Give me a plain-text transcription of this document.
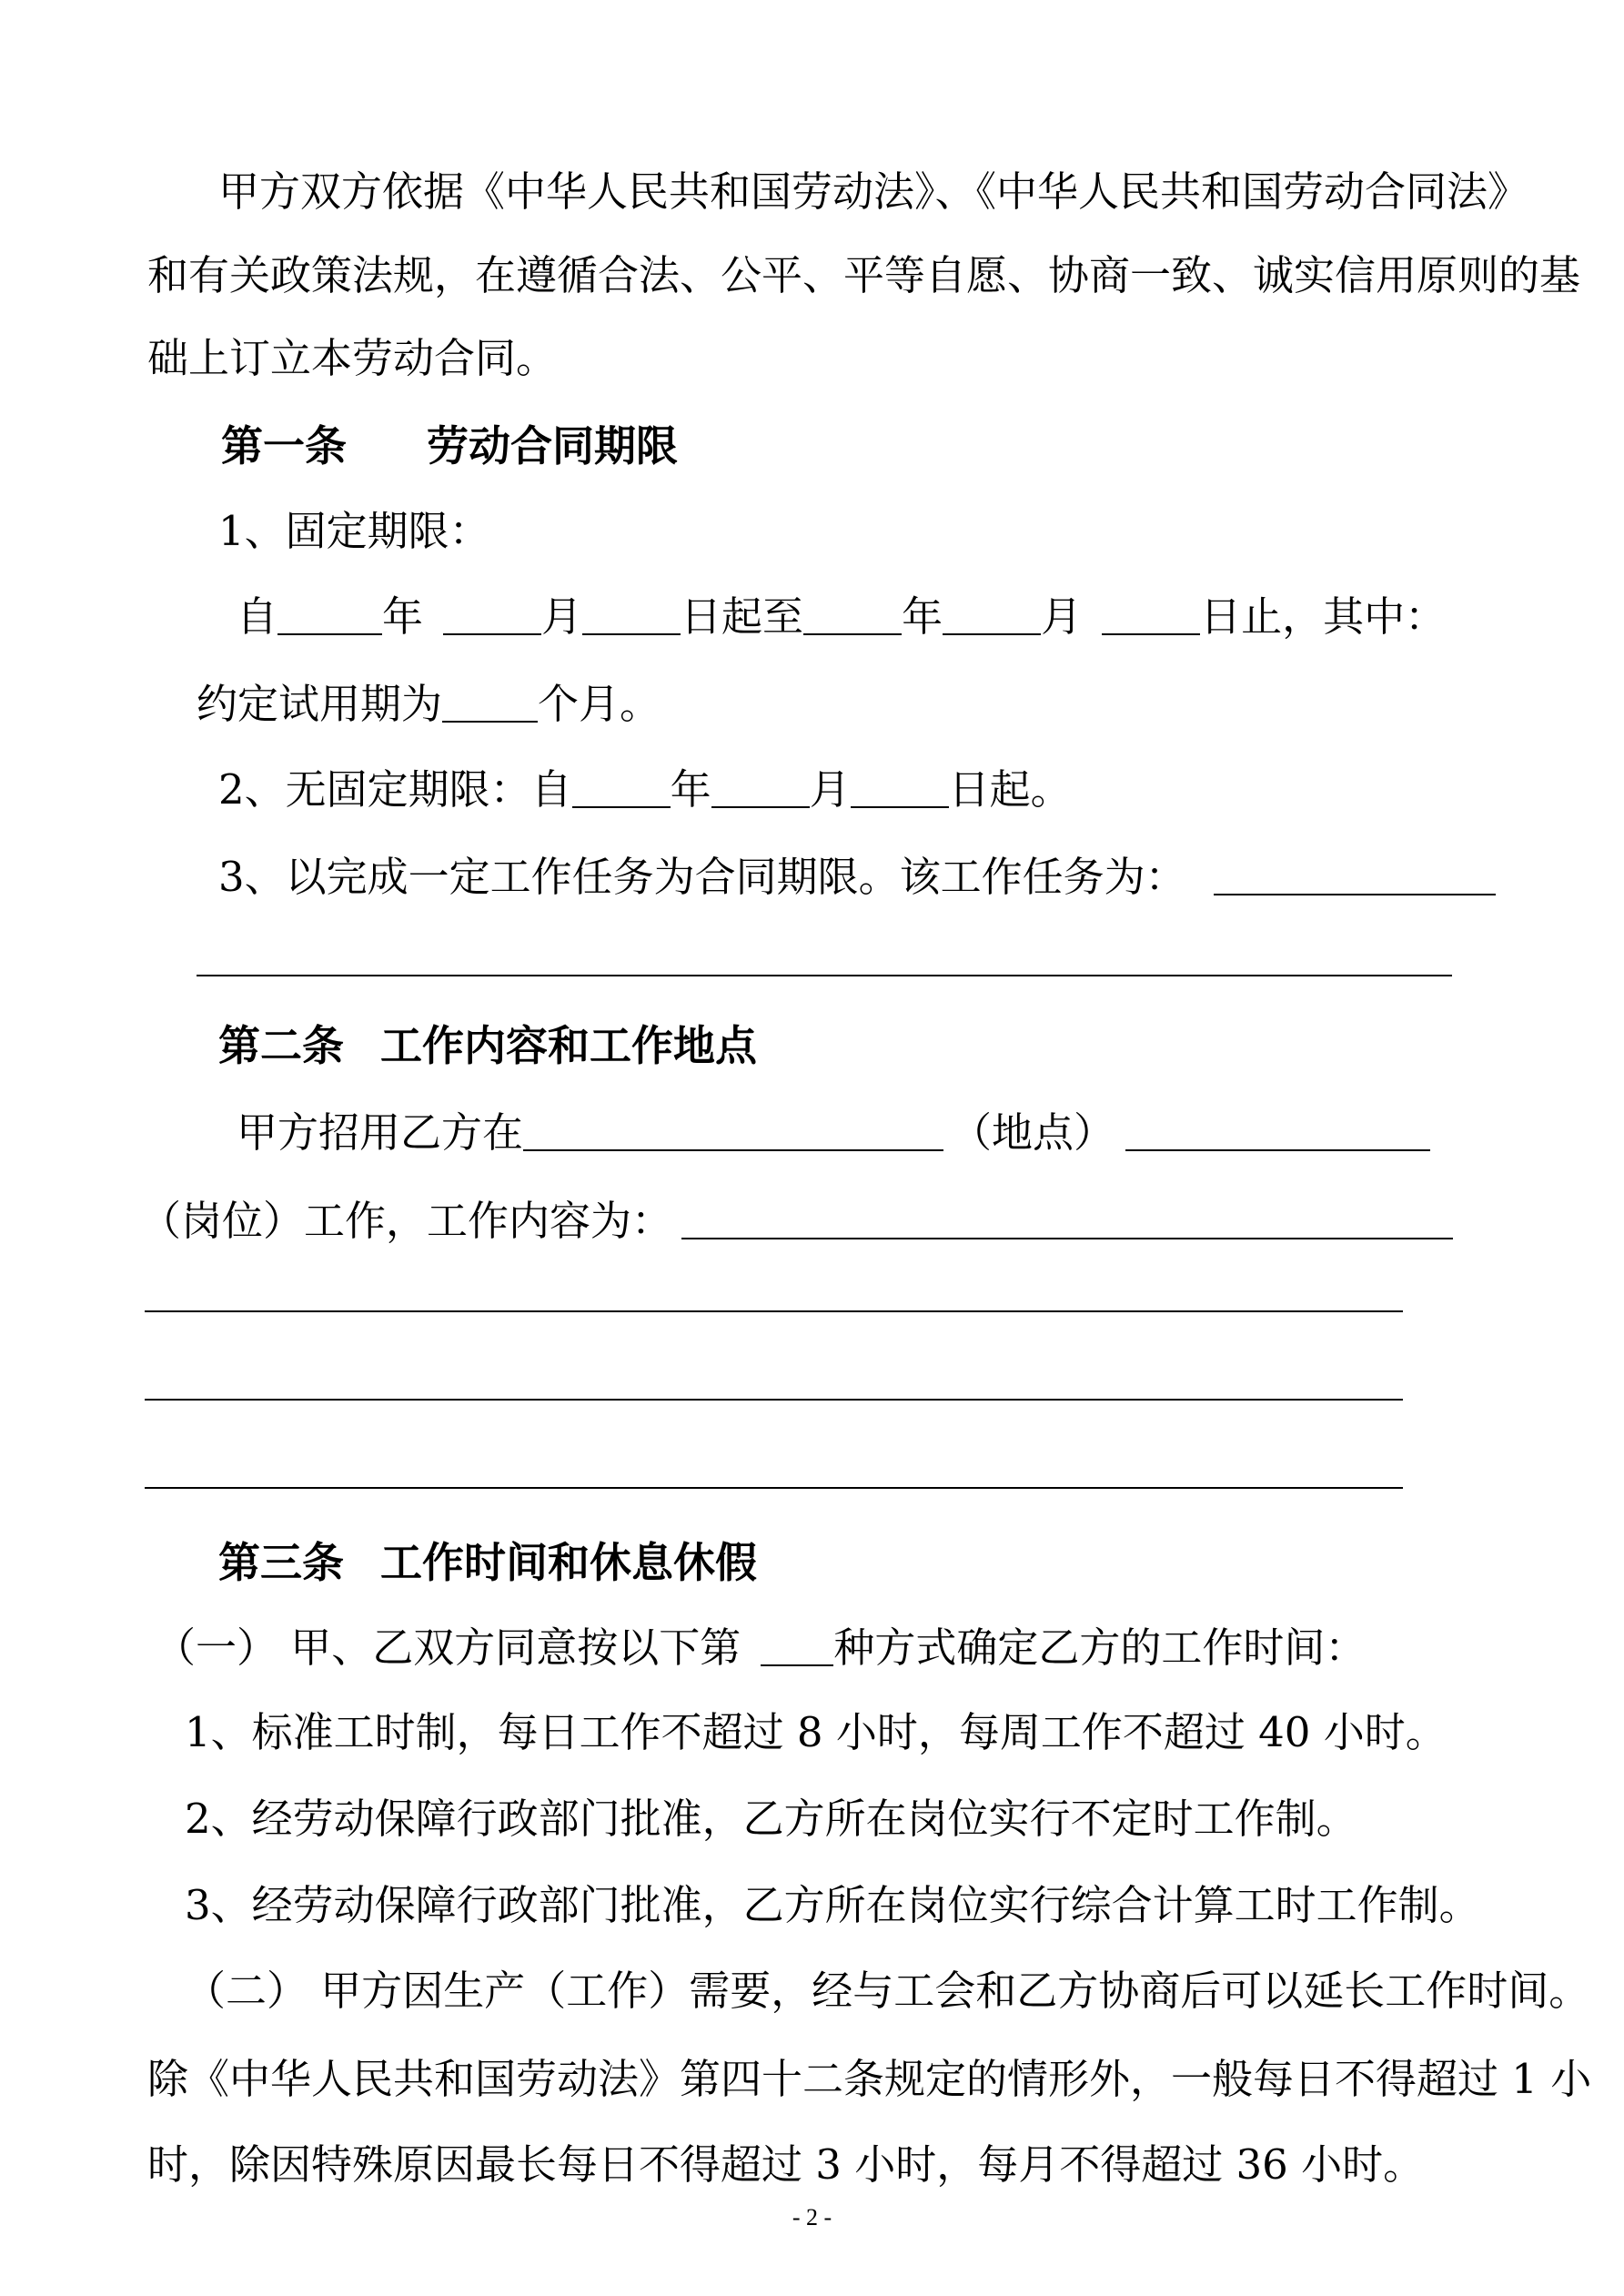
甲方双方依据《中华人民共和国劳动法》、《中华人民共和国劳动合同法》
和有关政策法规，在遵循合法、公平、平等自愿、协商一致、诚实信用原则的基
础上订立本劳动合同。
第一条 劳动合同期限
1、固定期限：
自	年	月 日起至 年 月	日止，其中：
约定试用期为 个月。
2、无固定期限：自 年 月 日起。
3、以完成一定工作任务为合同期限。该工作任务为：
第二条 工作内容和工作地点
甲方招用乙方在	（地点）
（岗位）工作，工作内容为：
第三条 工作时间和休息休假
（一） 甲、乙双方同意按以下第 种方式确定乙方的工作时间：
1、标准工时制，每日工作不超过 8 小时，每周工作不超过 40 小时。
2、经劳动保障行政部门批准，乙方所在岗位实行不定时工作制。
3、经劳动保障行政部门批准，乙方所在岗位实行综合计算工时工作制。
（二） 甲方因生产（工作）需要，经与工会和乙方协商后可以延长工作时间。
除《中华人民共和国劳动法》第四十二条规定的情形外，一般每日不得超过 1 小
时，除因特殊原因最长每日不得超过 3 小时，每月不得超过 36 小时。
- 2 -
